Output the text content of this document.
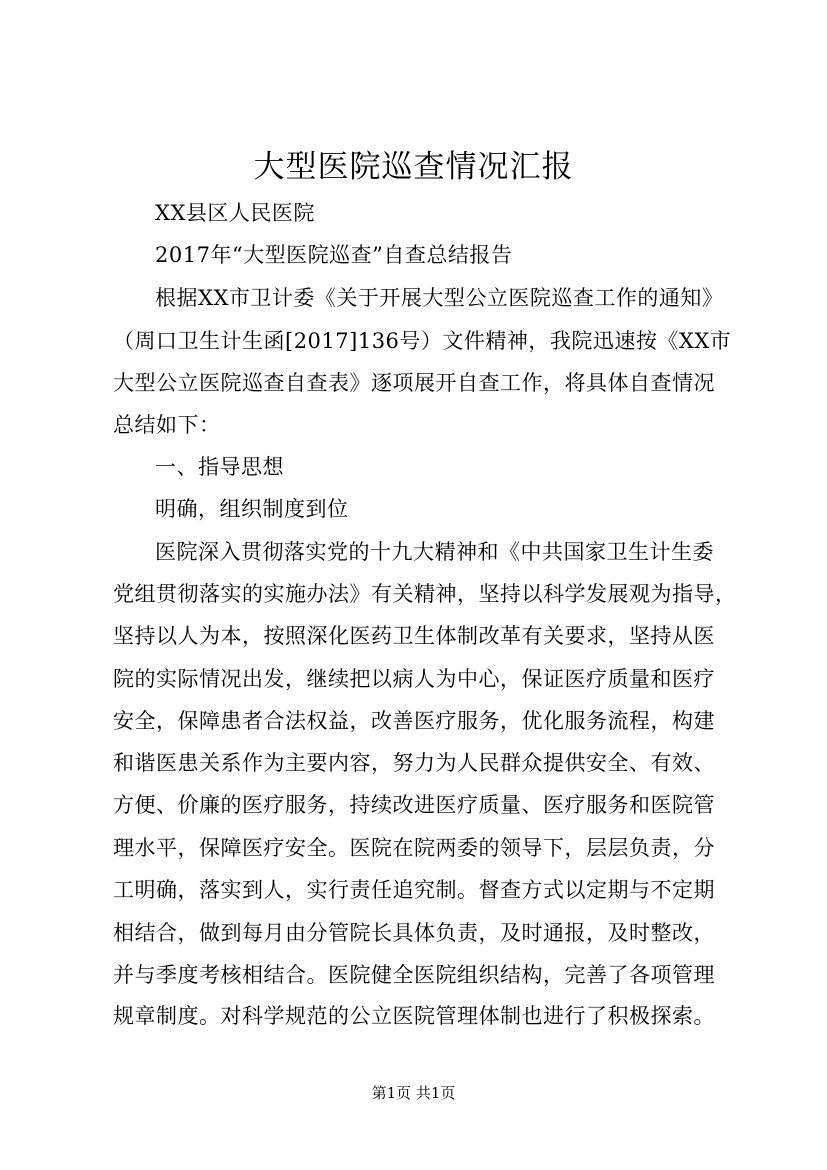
大型医院巡查情况汇报
XX县区人民医院
2017年“大型医院巡查”自查总结报告
根据XX市卫计委《关于开展大型公立医院巡查工作的通知》
（周口卫生计生函[2017]136号）文件精神，我院迅速按《XX市
大型公立医院巡查自查表》逐项展开自查工作，将具体自查情况
总结如下：
一、指导思想
明确，组织制度到位
医院深入贯彻落实党的十九大精神和《中共国家卫生计生委
党组贯彻落实的实施办法》有关精神，坚持以科学发展观为指导，
坚持以人为本，按照深化医药卫生体制改革有关要求，坚持从医
院的实际情况出发，继续把以病人为中心，保证医疗质量和医疗
安全，保障患者合法权益，改善医疗服务，优化服务流程，构建
和谐医患关系作为主要内容，努力为人民群众提供安全、有效、
方便、价廉的医疗服务，持续改进医疗质量、医疗服务和医院管
理水平，保障医疗安全。医院在院两委的领导下，层层负责，分
工明确，落实到人，实行责任追究制。督查方式以定期与不定期
相结合，做到每月由分管院长具体负责，及时通报，及时整改，
并与季度考核相结合。医院健全医院组织结构，完善了各项管理
规章制度。对科学规范的公立医院管理体制也进行了积极探索。
第1页 共1页
